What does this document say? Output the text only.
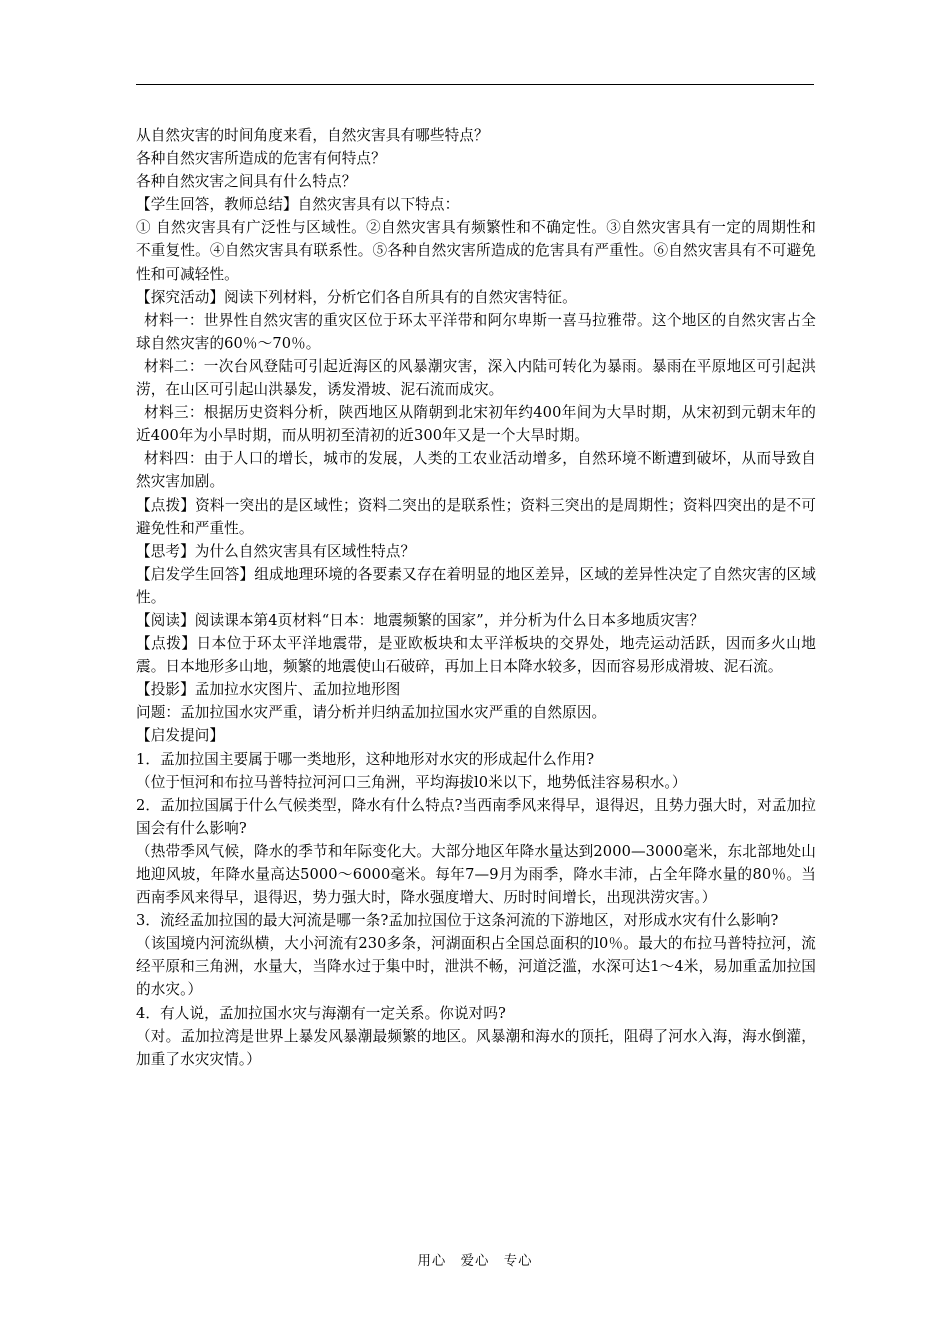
从自然灾害的时间角度来看，自然灾害具有哪些特点？

各种自然灾害所造成的危害有何特点？

各种自然灾害之间具有什么特点？

【学生回答，教师总结】自然灾害具有以下特点：

① 自然灾害具有广泛性与区域性。②自然灾害具有频繁性和不确定性。③自然灾害具有一定的周期性和不重复性。④自然灾害具有联系性。⑤各种自然灾害所造成的危害具有严重性。⑥自然灾害具有不可避免性和可减轻性。

【探究活动】阅读下列材料，分析它们各自所具有的自然灾害特征。

材料一：世界性自然灾害的重灾区位于环太平洋带和阿尔卑斯一喜马拉雅带。这个地区的自然灾害占全球自然灾害的60％～70％。

材料二：一次台风登陆可引起近海区的风暴潮灾害，深入内陆可转化为暴雨。暴雨在平原地区可引起洪涝，在山区可引起山洪暴发，诱发滑坡、泥石流而成灾。

材料三：根据历史资料分析，陕西地区从隋朝到北宋初年约400年间为大旱时期，从宋初到元朝末年的近400年为小旱时期，而从明初至清初的近300年又是一个大旱时期。

材料四：由于人口的增长，城市的发展，人类的工农业活动增多，自然环境不断遭到破坏，从而导致自然灾害加剧。

【点拨】资料一突出的是区域性；资料二突出的是联系性；资料三突出的是周期性；资料四突出的是不可避免性和严重性。

【思考】为什么自然灾害具有区域性特点？

【启发学生回答】组成地理环境的各要素又存在着明显的地区差异，区域的差异性决定了自然灾害的区域性。

【阅读】阅读课本第4页材料“日本：地震频繁的国家”，并分析为什么日本多地质灾害？

【点拨】日本位于环太平洋地震带，是亚欧板块和太平洋板块的交界处，地壳运动活跃，因而多火山地震。日本地形多山地，频繁的地震使山石破碎，再加上日本降水较多，因而容易形成滑坡、泥石流。

【投影】孟加拉水灾图片、孟加拉地形图

问题：孟加拉国水灾严重，请分析并归纳孟加拉国水灾严重的自然原因。

【启发提问】

1．孟加拉国主要属于哪一类地形，这种地形对水灾的形成起什么作用?

（位于恒河和布拉马普特拉河河口三角洲，平均海拔l0米以下，地势低洼容易积水。）

2．孟加拉国属于什么气候类型，降水有什么特点?当西南季风来得早，退得迟，且势力强大时，对孟加拉国会有什么影响?

（热带季风气候，降水的季节和年际变化大。大部分地区年降水量达到2000—3000毫米，东北部地处山地迎风坡，年降水量高达5000～6000毫米。每年7—9月为雨季，降水丰沛，占全年降水量的80％。当西南季风来得早，退得迟，势力强大时，降水强度增大、历时时间增长，出现洪涝灾害。）

3．流经孟加拉国的最大河流是哪一条?孟加拉国位于这条河流的下游地区，对形成水灾有什么影响?

（该国境内河流纵横，大小河流有230多条，河湖面积占全国总面积的l0％。最大的布拉马普特拉河，流经平原和三角洲，水量大，当降水过于集中时，泄洪不畅，河道泛滥，水深可达1～4米，易加重孟加拉国的水灾。）

4．有人说，孟加拉国水灾与海潮有一定关系。你说对吗?

（对。孟加拉湾是世界上暴发风暴潮最频繁的地区。风暴潮和海水的顶托，阻碍了河水入海，海水倒灌，加重了水灾灾情。）

用心　爱心　专心
